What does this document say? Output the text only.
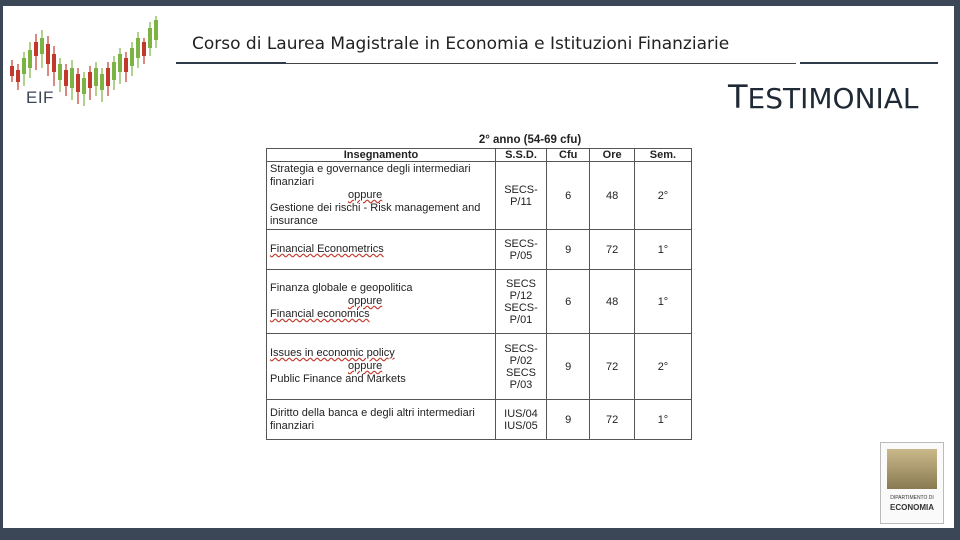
EIF
Corso di Laurea Magistrale in Economia e Istituzioni Finanziarie
TESTIMONIAL
2° anno (54-69 cfu)
Insegnamento	S.S.D.	Cfu	Ore	Sem.
Strategia e governance degli intermediari finanziari
oppure
Gestione dei rischi - Risk management and insurance	SECS-P/11	6	48	2°
Financial Econometrics	SECS-P/05	9	72	1°
Finanza globale e geopolitica
oppure
Financial economics	SECS P/12 SECS-P/01	6	48	1°
Issues in economic policy
oppure
Public Finance and Markets	SECS-P/02 SECS P/03	9	72	2°
Diritto della banca e degli altri intermediari finanziari	IUS/04 IUS/05	9	72	1°
DIPARTIMENTO DI
ECONOMIA
